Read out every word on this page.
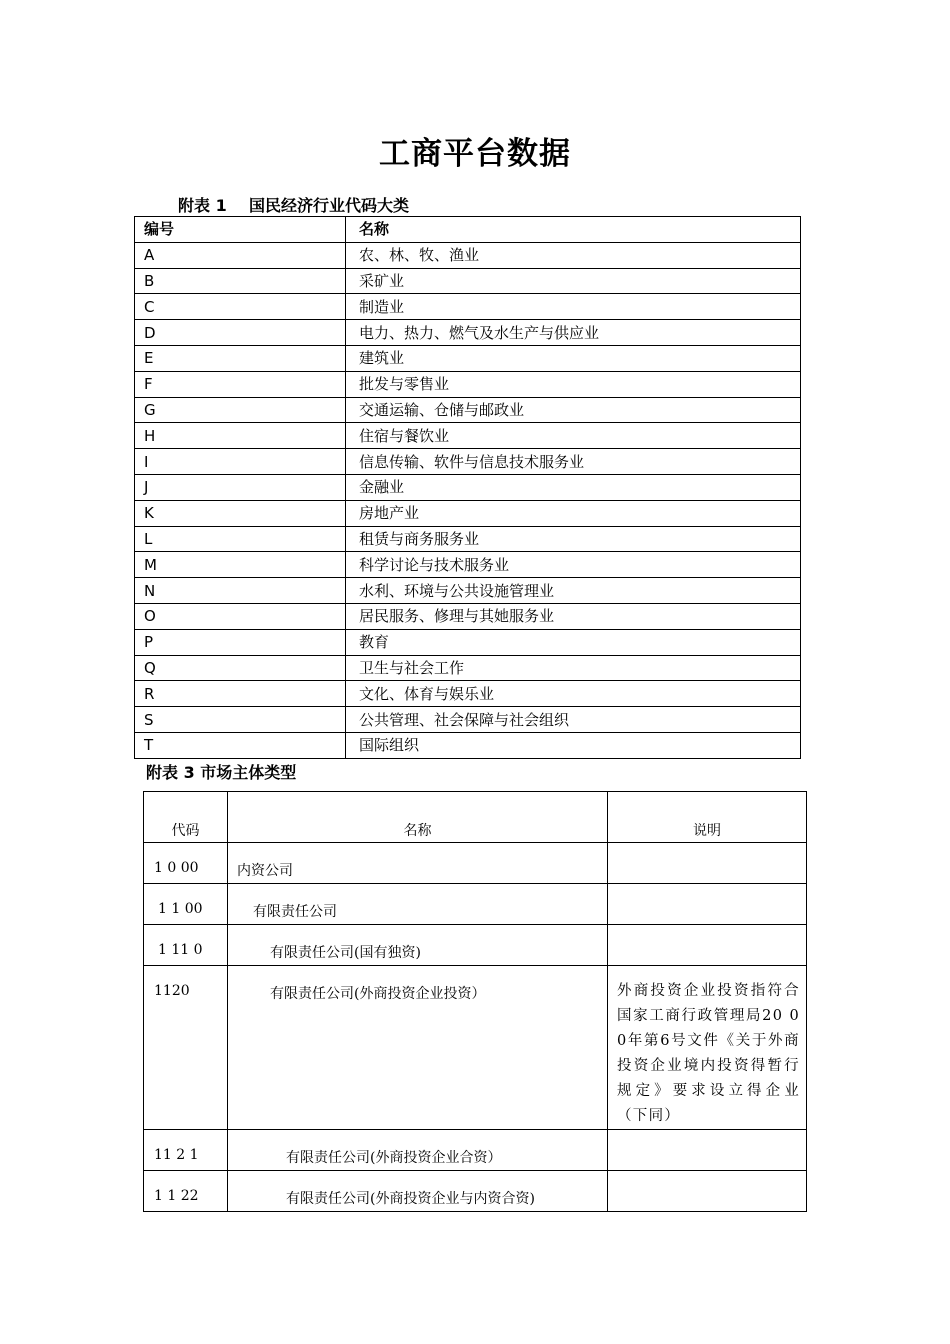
工商平台数据
附表 1    国民经济行业代码大类
编号	名称
A	农、林、牧、渔业
B	采矿业
C	制造业
D	电力、热力、燃气及水生产与供应业
E	建筑业
F	批发与零售业
G	交通运输、仓储与邮政业
H	住宿与餐饮业
I	信息传输、软件与信息技术服务业
J	金融业
K	房地产业
L	租赁与商务服务业
M	科学讨论与技术服务业
N	水利、环境与公共设施管理业
O	居民服务、修理与其她服务业
P	教育
Q	卫生与社会工作
R	文化、体育与娱乐业
S	公共管理、社会保障与社会组织
T	国际组织
附表 3 市场主体类型
代码	名称	说明
1 0 00	内资公司	
1 1 00	有限责任公司	
1 11 0	有限责任公司(国有独资)	
1120	有限责任公司(外商投资企业投资）	外商投资企业投资指符合国家工商行政管理局20 0 0年第6号文件《关于外商投资企业境内投资得暂行规定》要求设立得企业（下同）
11 2 1	有限责任公司(外商投资企业合资）	
1 1 22	有限责任公司(外商投资企业与内资合资)	
